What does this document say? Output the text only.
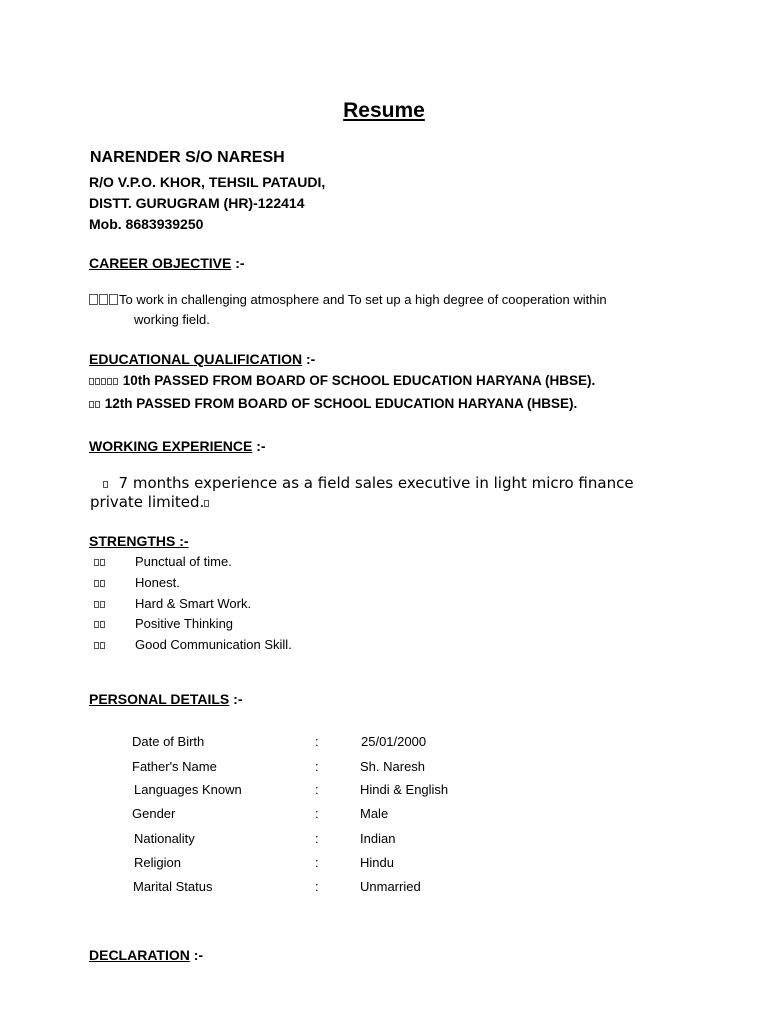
Resume
NARENDER S/O NARESH
R/O V.P.O. KHOR, TEHSIL PATAUDI,
DISTT. GURUGRAM (HR)-122414
Mob. 8683939250
CAREER OBJECTIVE :-
To work in challenging atmosphere and To set up a high degree of cooperation within
working field.
EDUCATIONAL QUALIFICATION :-
10th PASSED FROM BOARD OF SCHOOL EDUCATION HARYANA (HBSE).
12th PASSED FROM BOARD OF SCHOOL EDUCATION HARYANA (HBSE).
WORKING EXPERIENCE :-
7 months experience as a field sales executive in light micro finance
private limited.
STRENGTHS :-
Punctual of time.
Honest.
Hard & Smart Work.
Positive Thinking
Good Communication Skill.
PERSONAL DETAILS :-
Date of Birth	:	25/01/2000
Father's Name	:	Sh. Naresh
Languages Known	:	Hindi & English
Gender	:	Male
Nationality	:	Indian
Religion	:	Hindu
Marital Status	:	Unmarried
DECLARATION :-
